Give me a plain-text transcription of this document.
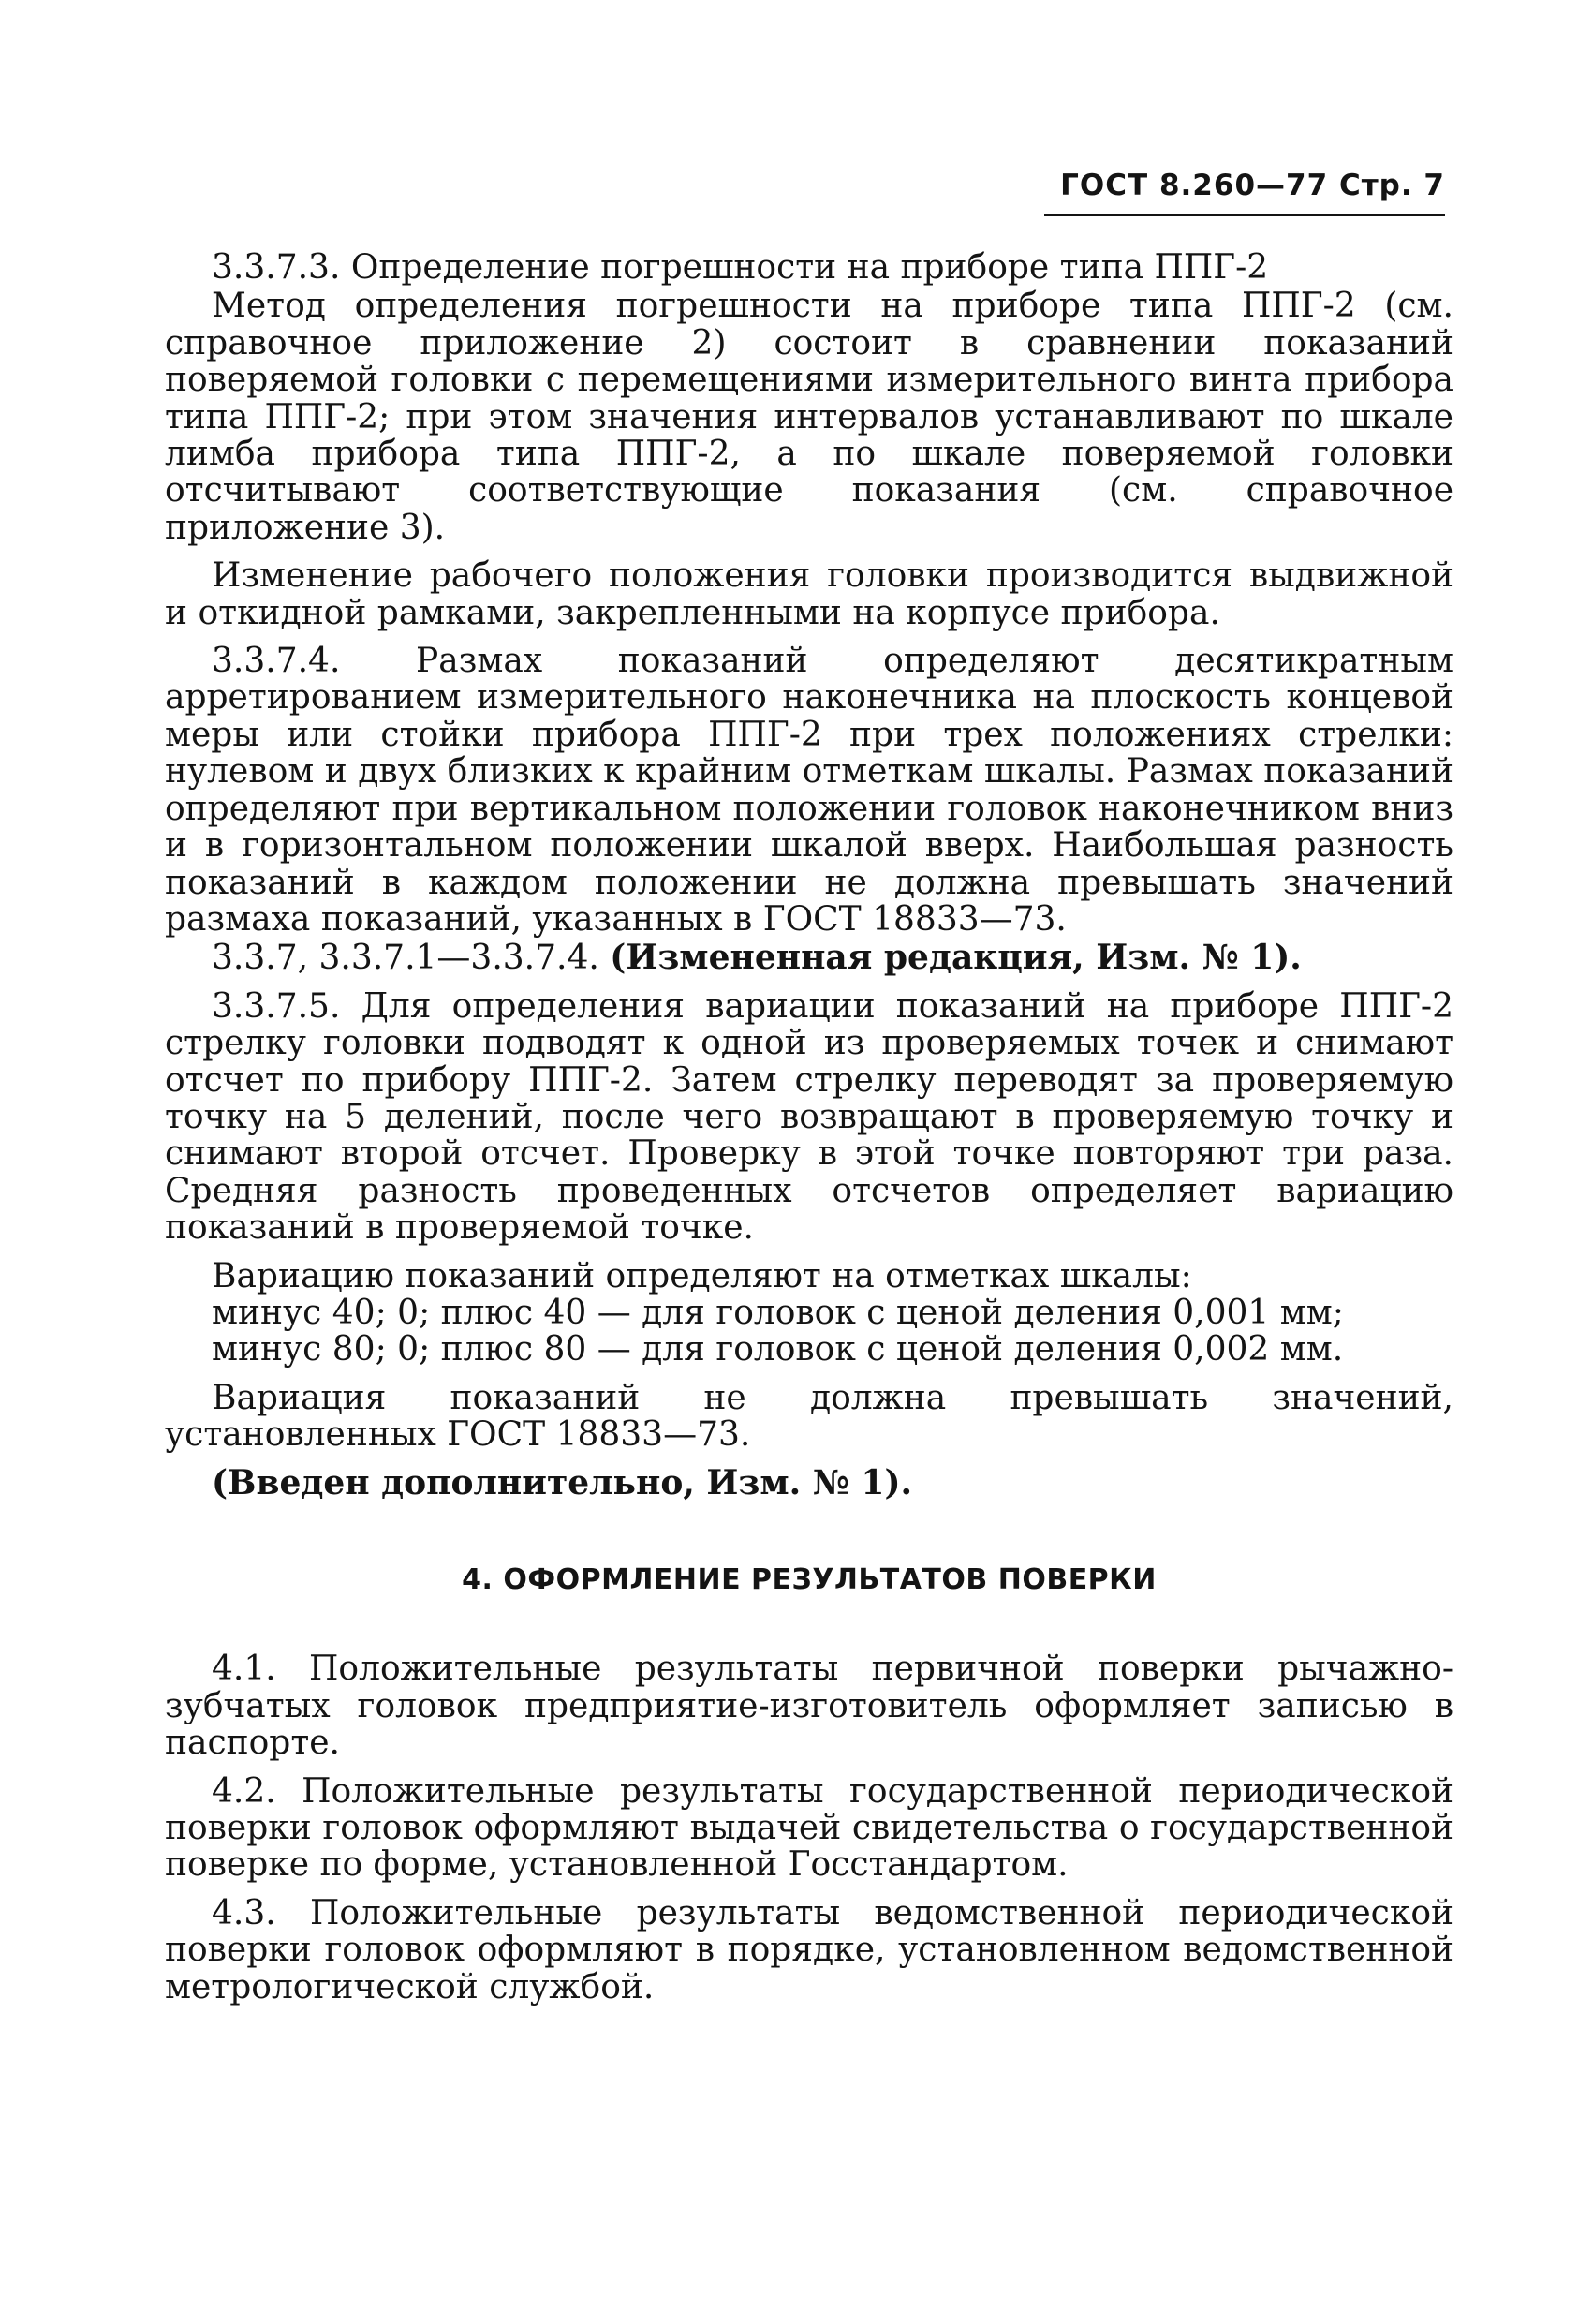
ГОСТ 8.260—77 Стр. 7

3.3.7.3. Определение погрешности на приборе типа ППГ-2

Метод определения погрешности на приборе типа ППГ-2 (см. справочное приложение 2) состоит в сравнении показаний поверяемой головки с перемещениями измерительного винта прибора типа ППГ-2; при этом значения интервалов устанавливают по шкале лимба прибора типа ППГ-2, а по шкале поверяемой головки отсчитывают соответствующие показания (см. справочное приложение 3).

Изменение рабочего положения головки производится выдвижной и откидной рамками, закрепленными на корпусе прибора.

3.3.7.4. Размах показаний определяют десятикратным арретированием измерительного наконечника на плоскость концевой меры или стойки прибора ППГ-2 при трех положениях стрелки: нулевом и двух близких к крайним отметкам шкалы. Размах показаний определяют при вертикальном положении головок наконечником вниз и в горизонтальном положении шкалой вверх. Наибольшая разность показаний в каждом положении не должна превышать значений размаха показаний, указанных в ГОСТ 18833—73.

3.3.7, 3.3.7.1—3.3.7.4. (Измененная редакция, Изм. № 1).

3.3.7.5. Для определения вариации показаний на приборе ППГ-2 стрелку головки подводят к одной из проверяемых точек и снимают отсчет по прибору ППГ-2. Затем стрелку переводят за проверяемую точку на 5 делений, после чего возвращают в проверяемую точку и снимают второй отсчет. Проверку в этой точке повторяют три раза. Средняя разность проведенных отсчетов определяет вариацию показаний в проверяемой точке.

Вариацию показаний определяют на отметках шкалы:

минус 40; 0; плюс 40 — для головок с ценой деления 0,001 мм;

минус 80; 0; плюс 80 — для головок с ценой деления 0,002 мм.

Вариация показаний не должна превышать значений, установленных ГОСТ 18833—73.

(Введен дополнительно, Изм. № 1).

4. ОФОРМЛЕНИЕ РЕЗУЛЬТАТОВ ПОВЕРКИ

4.1. Положительные результаты первичной поверки рычажно-зубчатых головок предприятие-изготовитель оформляет записью в паспорте.

4.2. Положительные результаты государственной периодической поверки головок оформляют выдачей свидетельства о государственной поверке по форме, установленной Госстандартом.

4.3. Положительные результаты ведомственной периодической поверки головок оформляют в порядке, установленном ведомственной метрологической службой.
